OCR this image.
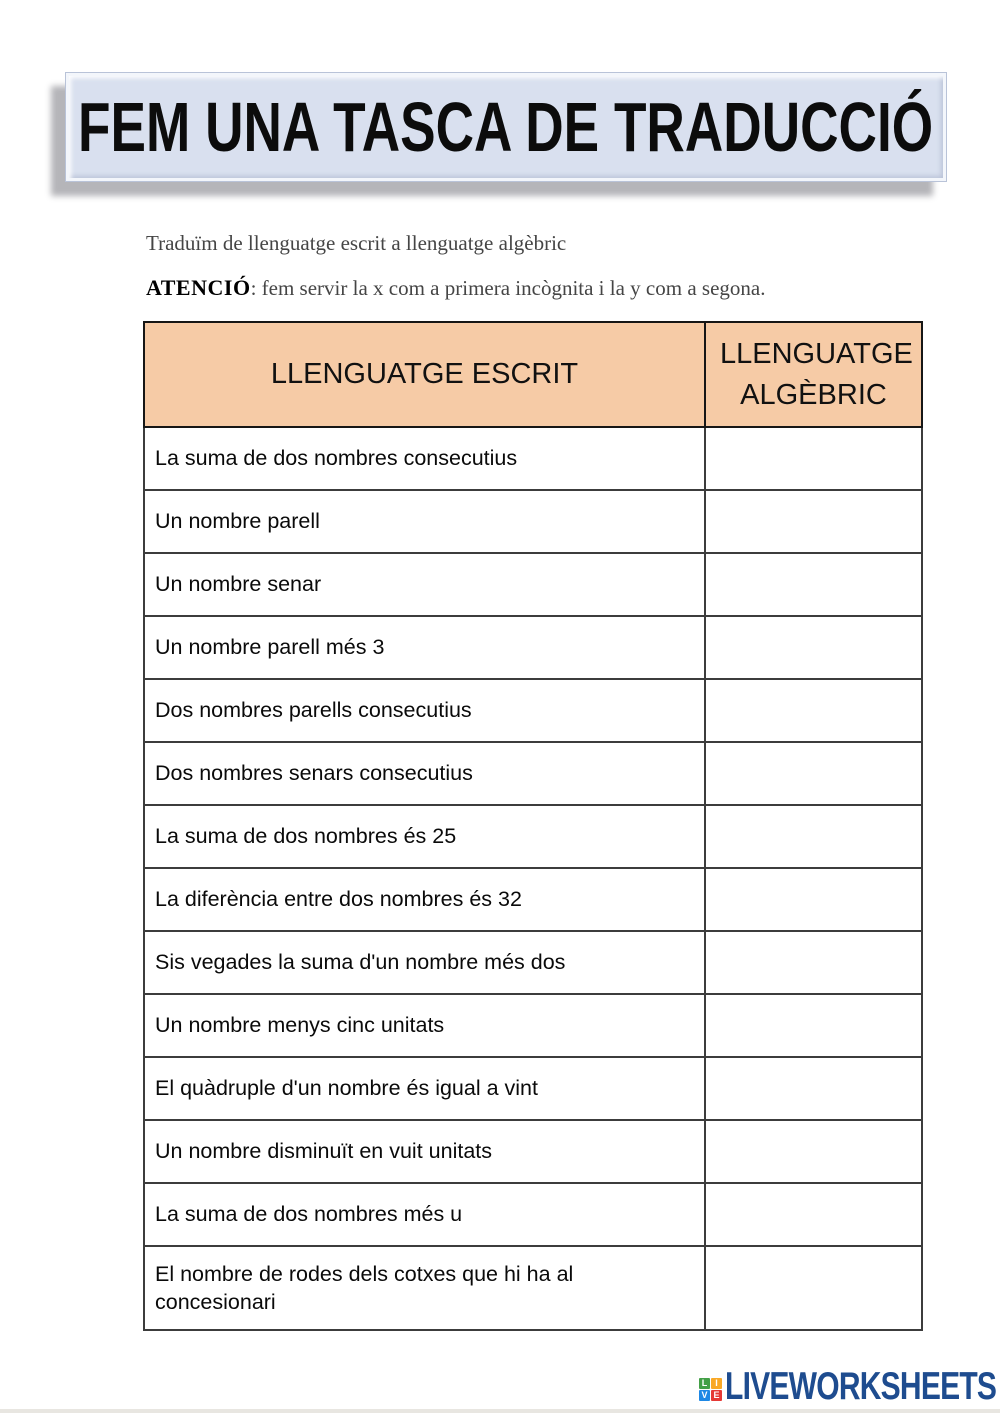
FEM UNA TASCA DE TRADUCCIÓ
Traduïm de llenguatge escrit a llenguatge algèbric
ATENCIÓ: fem servir la x com a primera incògnita i la y com a segona.
LLENGUATGE ESCRIT	LLENGUATGE ALGÈBRIC
La suma de dos nombres consecutius	
Un nombre parell	
Un nombre senar	
Un nombre parell més 3	
Dos nombres parells consecutius	
Dos nombres senars consecutius	
La suma de dos nombres és 25	
La diferència entre dos nombres és 32	
Sis vegades la suma d'un nombre més dos	
Un nombre menys cinc unitats	
El quàdruple d'un nombre és igual a vint	
Un nombre disminuït en vuit unitats	
La suma de dos nombres més u	
El nombre de rodes dels cotxes que hi ha al concesionari	
L I
V E LIVEWORKSHEETS
